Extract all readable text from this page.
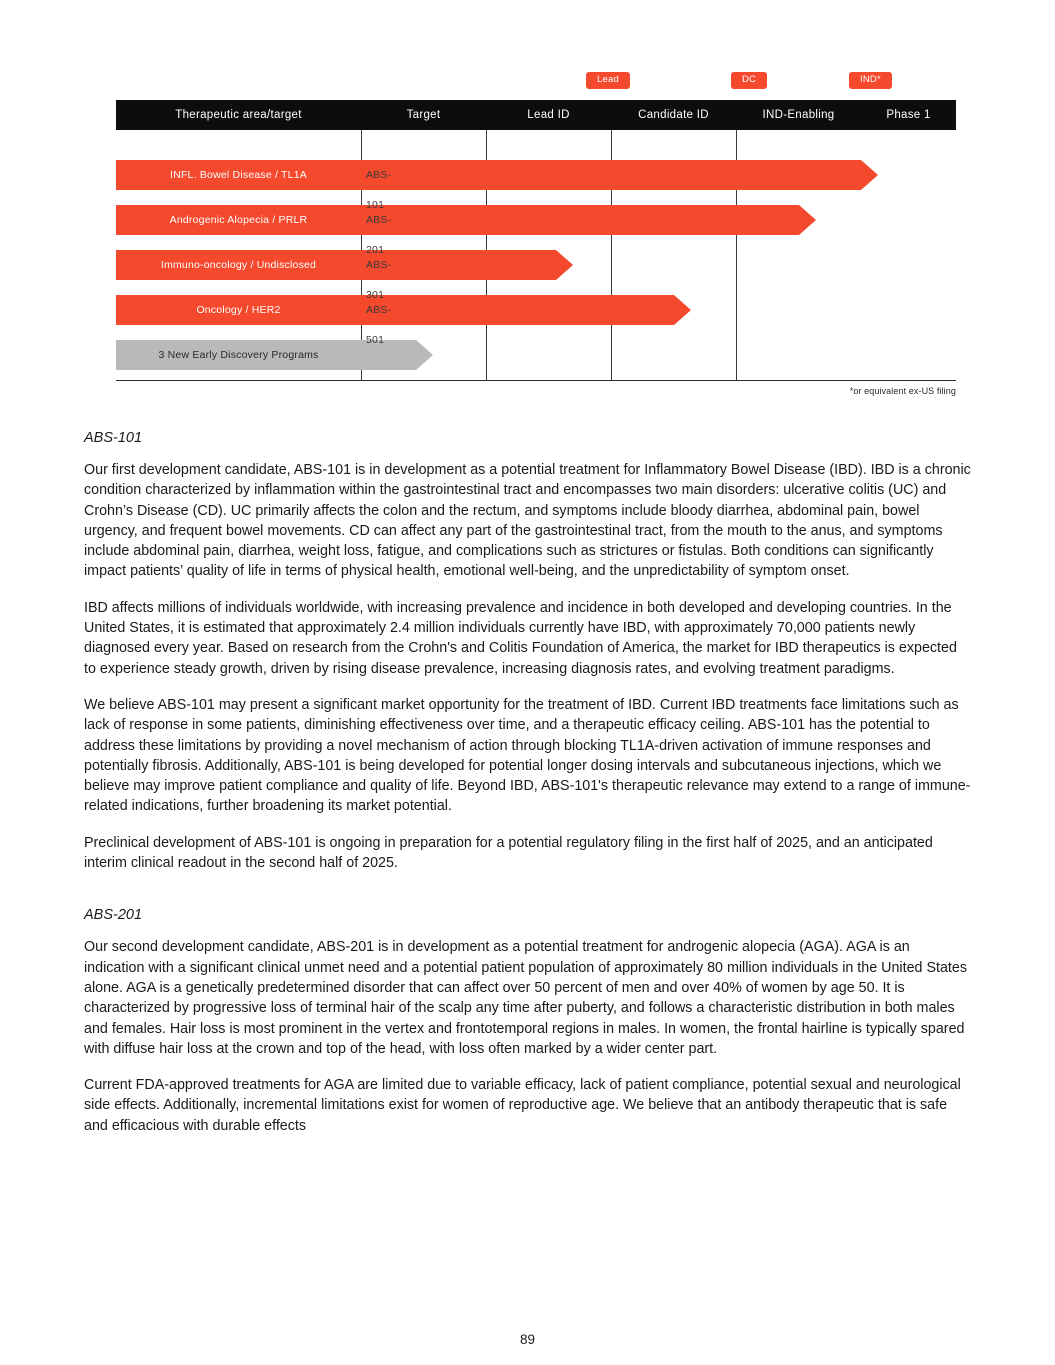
Lead	DC	IND*
Therapeutic area/target	Target	Lead ID	Candidate ID	IND-Enabling	Phase 1
INFL. Bowel Disease / TL1A	ABS-101
Androgenic Alopecia / PRLR	ABS-201
Immuno-oncology / Undisclosed	ABS-301
Oncology / HER2	ABS-501
3 New Early Discovery Programs
*or equivalent ex-US filing
ABS-101

Our first development candidate, ABS-101 is in development as a potential treatment for Inflammatory Bowel Disease (IBD). IBD is a chronic condition characterized by inflammation within the gastrointestinal tract and encompasses two main disorders: ulcerative colitis (UC) and Crohn’s Disease (CD). UC primarily affects the colon and the rectum, and symptoms include bloody diarrhea, abdominal pain, bowel urgency, and frequent bowel movements. CD can affect any part of the gastrointestinal tract, from the mouth to the anus, and symptoms include abdominal pain, diarrhea, weight loss, fatigue, and complications such as strictures or fistulas. Both conditions can significantly impact patients’ quality of life in terms of physical health, emotional well-being, and the unpredictability of symptom onset.

IBD affects millions of individuals worldwide, with increasing prevalence and incidence in both developed and developing countries. In the United States, it is estimated that approximately 2.4 million individuals currently have IBD, with approximately 70,000 patients newly diagnosed every year. Based on research from the Crohn's and Colitis Foundation of America, the market for IBD therapeutics is expected to experience steady growth, driven by rising disease prevalence, increasing diagnosis rates, and evolving treatment paradigms.

We believe ABS-101 may present a significant market opportunity for the treatment of IBD. Current IBD treatments face limitations such as lack of response in some patients, diminishing effectiveness over time, and a therapeutic efficacy ceiling. ABS-101 has the potential to address these limitations by providing a novel mechanism of action through blocking TL1A-driven activation of immune responses and potentially fibrosis. Additionally, ABS-101 is being developed for potential longer dosing intervals and subcutaneous injections, which we believe may improve patient compliance and quality of life. Beyond IBD, ABS-101's therapeutic relevance may extend to a range of immune-related indications, further broadening its market potential.

Preclinical development of ABS-101 is ongoing in preparation for a potential regulatory filing in the first half of 2025, and an anticipated interim clinical readout in the second half of 2025.

ABS-201

Our second development candidate, ABS-201 is in development as a potential treatment for androgenic alopecia (AGA). AGA is an indication with a significant clinical unmet need and a potential patient population of approximately 80 million individuals in the United States alone. AGA is a genetically predetermined disorder that can affect over 50 percent of men and over 40% of women by age 50. It is characterized by progressive loss of terminal hair of the scalp any time after puberty, and follows a characteristic distribution in both males and females. Hair loss is most prominent in the vertex and frontotemporal regions in males. In women, the frontal hairline is typically spared with diffuse hair loss at the crown and top of the head, with loss often marked by a wider center part.

Current FDA-approved treatments for AGA are limited due to variable efficacy, lack of patient compliance, potential sexual and neurological side effects. Additionally, incremental limitations exist for women of reproductive age. We believe that an antibody therapeutic that is safe and efficacious with durable effects

89
